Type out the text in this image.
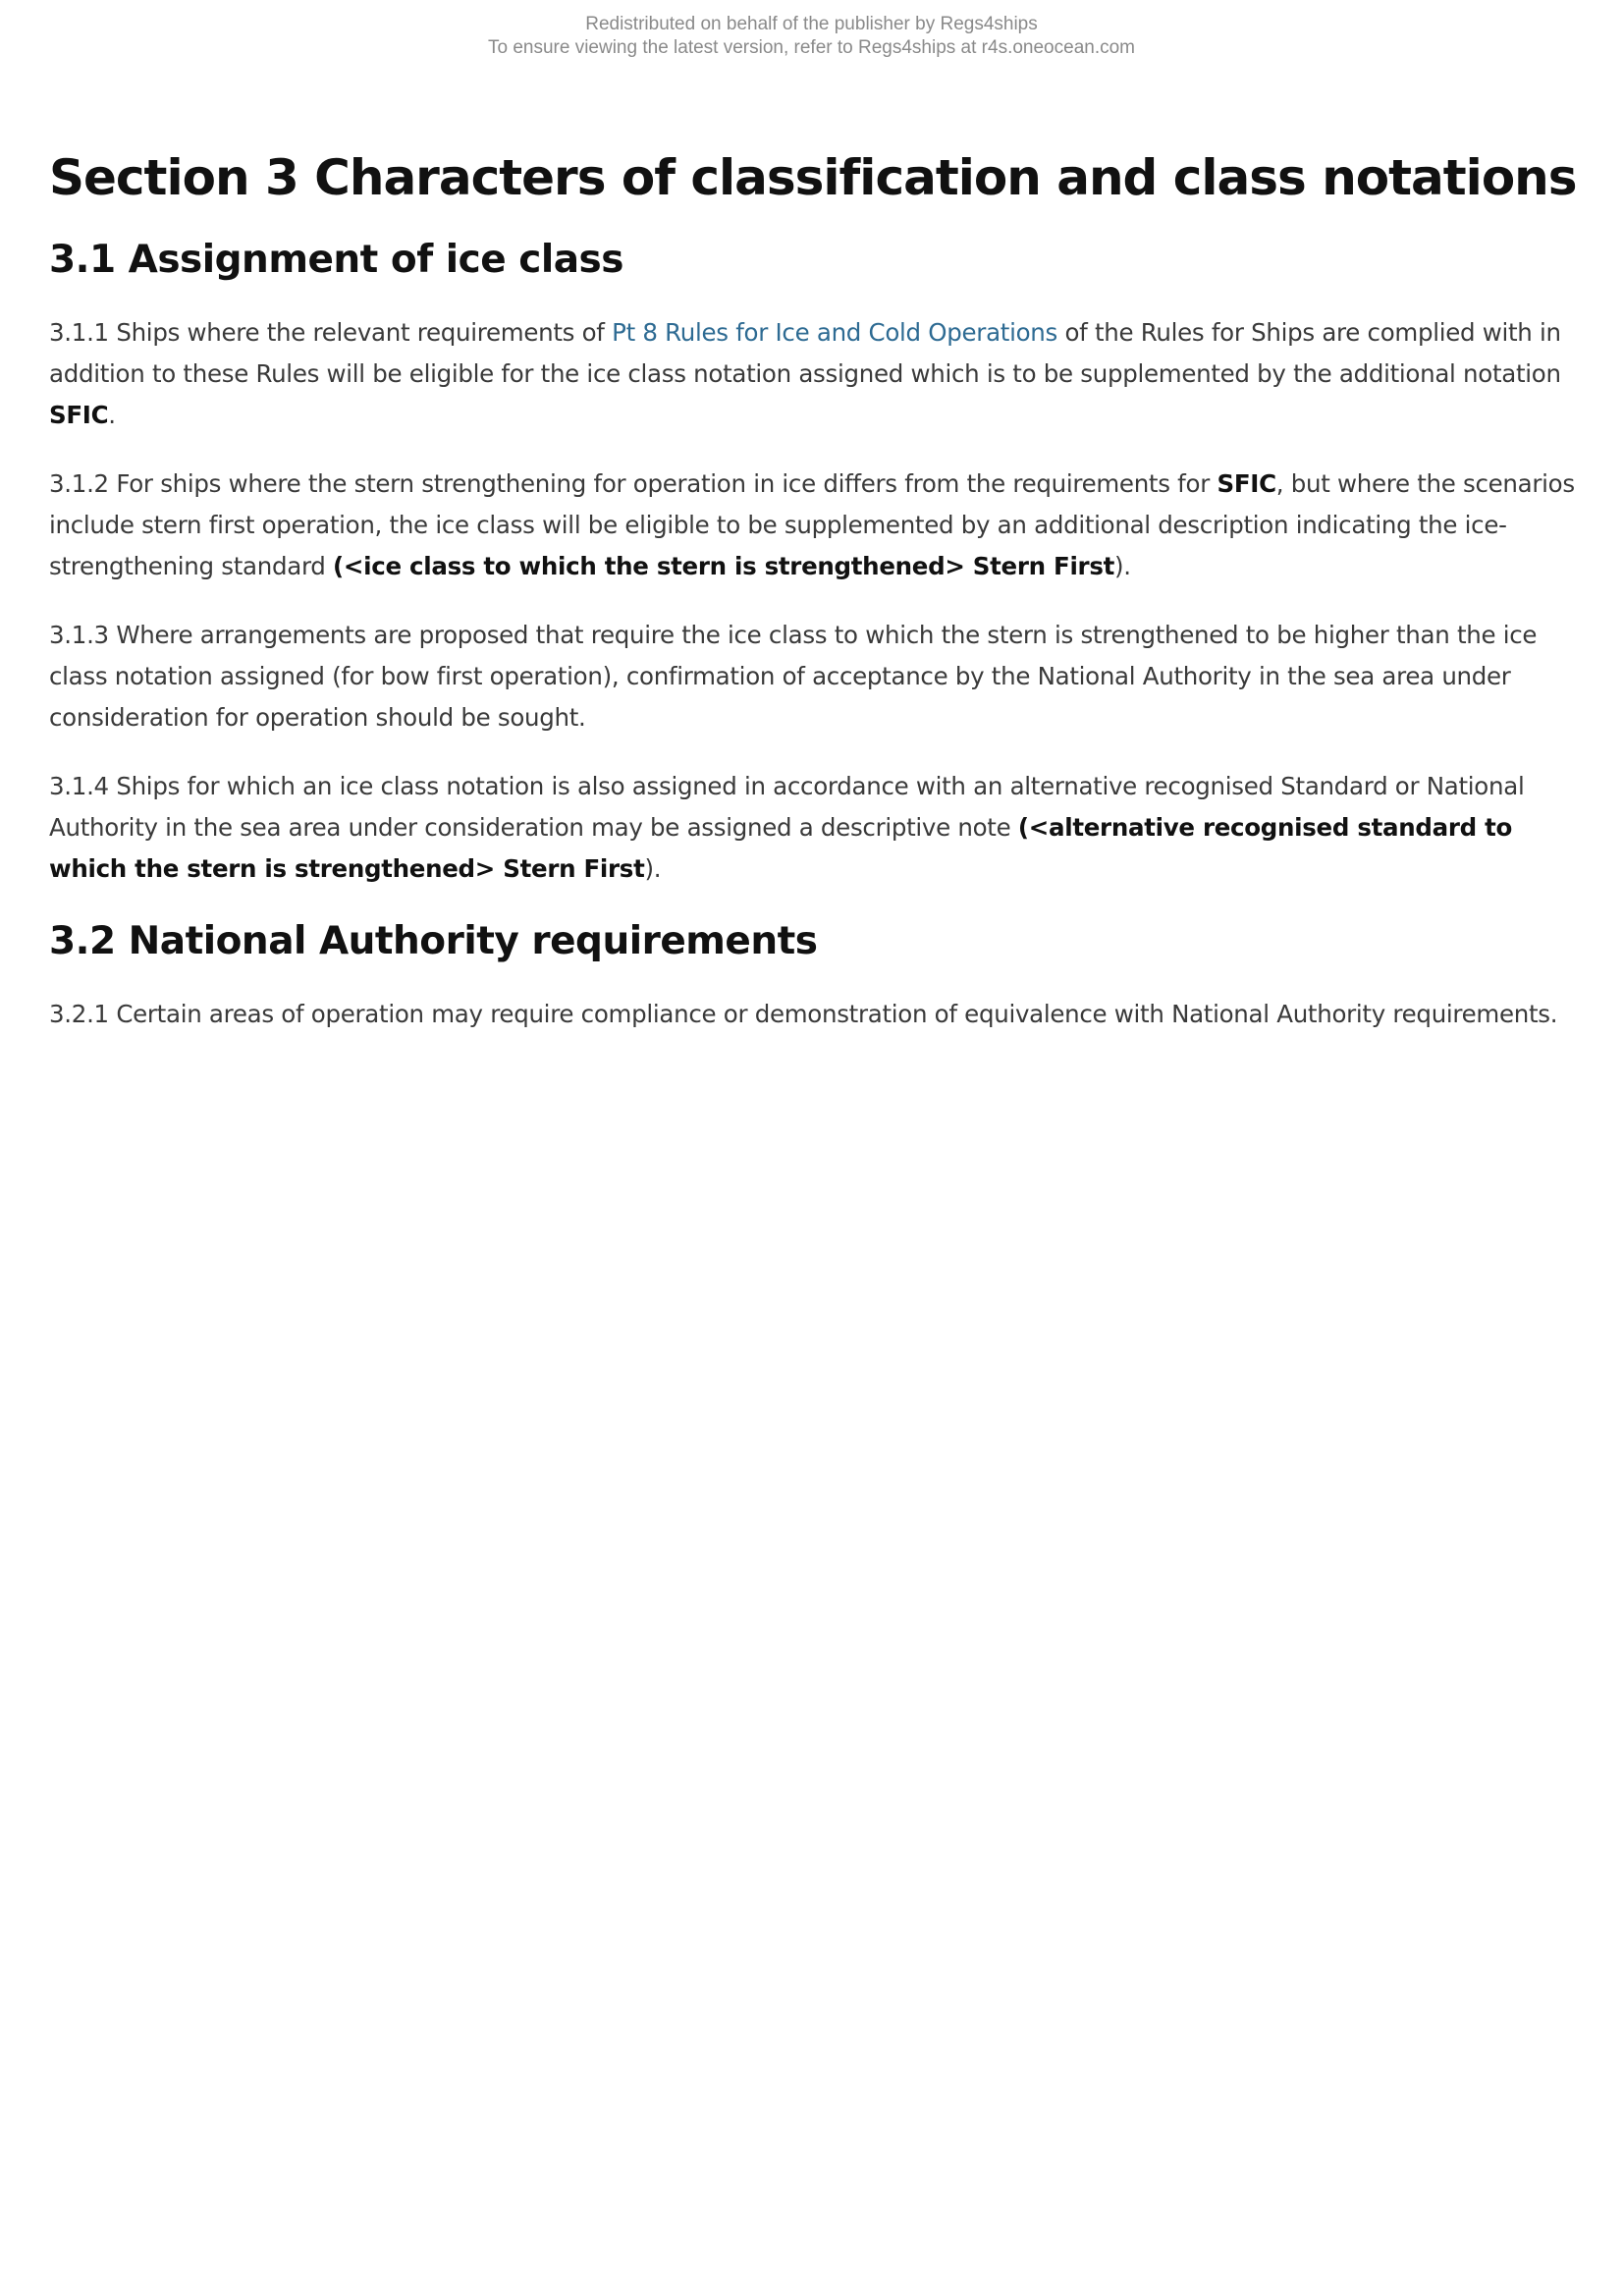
Redistributed on behalf of the publisher by Regs4ships
To ensure viewing the latest version, refer to Regs4ships at r4s.oneocean.com
Section 3 Characters of classification and class notations
3.1 Assignment of ice class

3.1.1 Ships where the relevant requirements of Pt 8 Rules for Ice and Cold Operations of the Rules for Ships are complied with in addition to these Rules will be eligible for the ice class notation assigned which is to be supplemented by the additional notation SFIC.

3.1.2 For ships where the stern strengthening for operation in ice differs from the requirements for SFIC, but where the scenarios include stern first operation, the ice class will be eligible to be supplemented by an additional description indicating the ice-strengthening standard (<ice class to which the stern is strengthened> Stern First).

3.1.3 Where arrangements are proposed that require the ice class to which the stern is strengthened to be higher than the ice class notation assigned (for bow first operation), confirmation of acceptance by the National Authority in the sea area under consideration for operation should be sought.

3.1.4 Ships for which an ice class notation is also assigned in accordance with an alternative recognised Standard or National Authority in the sea area under consideration may be assigned a descriptive note (<alternative recognised standard to which the stern is strengthened> Stern First).

3.2 National Authority requirements

3.2.1 Certain areas of operation may require compliance or demonstration of equivalence with National Authority requirements.
